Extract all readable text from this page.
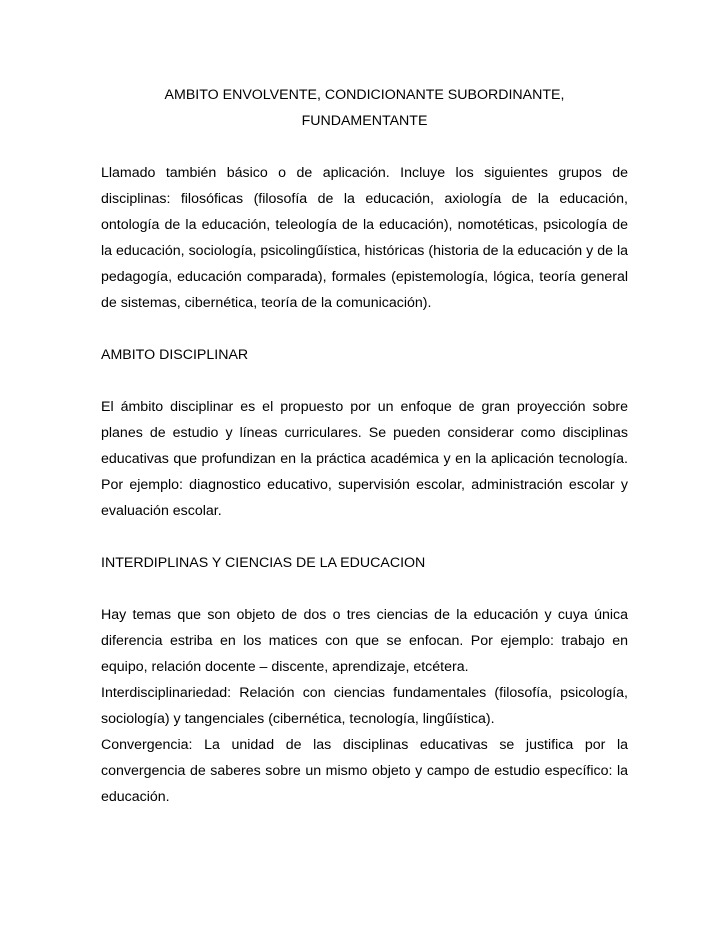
AMBITO ENVOLVENTE, CONDICIONANTE SUBORDINANTE,
FUNDAMENTANTE

Llamado también básico o de aplicación. Incluye los siguientes grupos de disciplinas: filosóficas (filosofía de la educación, axiología de la educación, ontología de la educación, teleología de la educación), nomotéticas, psicología de la educación, sociología, psicolingűística, históricas (historia de la educación y de la pedagogía, educación comparada), formales (epistemología, lógica, teoría general de sistemas, cibernética, teoría de la comunicación).

AMBITO DISCIPLINAR

El ámbito disciplinar es el propuesto por un enfoque de gran proyección sobre planes de estudio y líneas curriculares. Se pueden considerar como disciplinas educativas que profundizan en la práctica académica y en la aplicación tecnología. Por ejemplo: diagnostico educativo, supervisión escolar, administración escolar y evaluación escolar.

INTERDIPLINAS Y CIENCIAS DE LA EDUCACION

Hay temas que son objeto de dos o tres ciencias de la educación y cuya única diferencia estriba en los matices con que se enfocan. Por ejemplo: trabajo en equipo, relación docente – discente, aprendizaje, etcétera.

Interdisciplinariedad: Relación con ciencias fundamentales (filosofía, psicología, sociología) y tangenciales (cibernética, tecnología, lingűística).

Convergencia: La unidad de las disciplinas educativas se justifica por la convergencia de saberes sobre un mismo objeto y campo de estudio específico: la educación.
